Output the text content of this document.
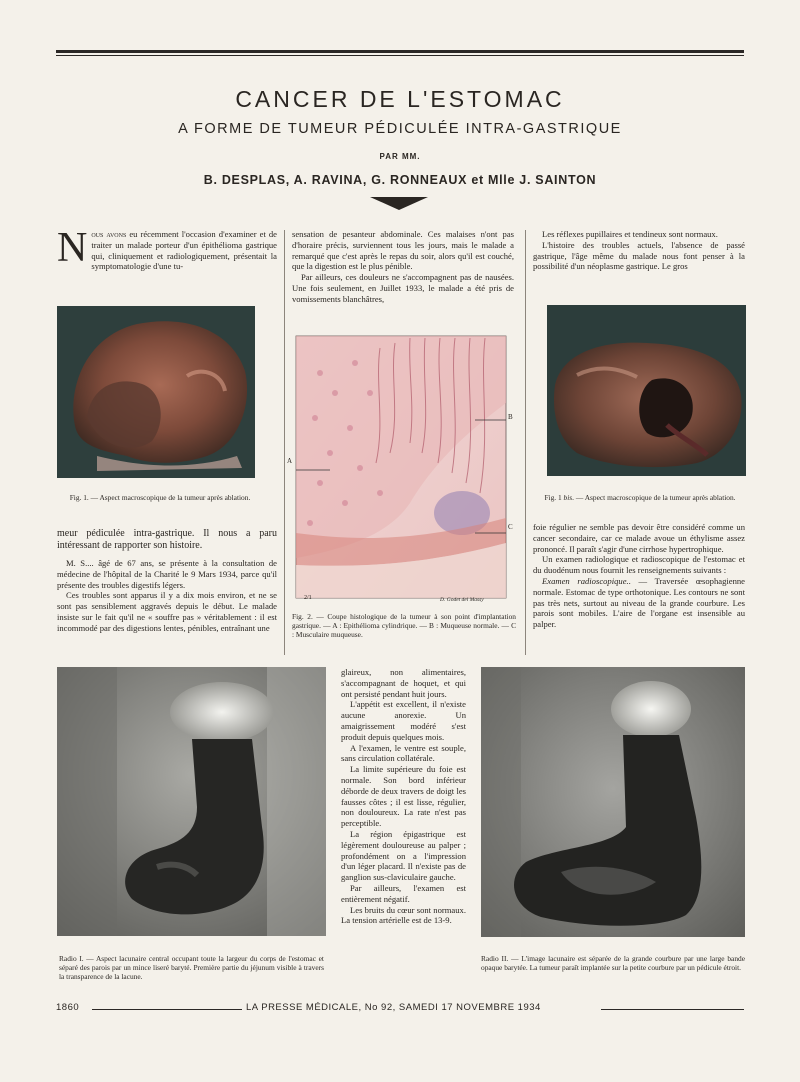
CANCER DE L'ESTOMAC
A FORME DE TUMEUR PÉDICULÉE INTRA-GASTRIQUE
PAR MM.
B. DESPLAS, A. RAVINA, G. RONNEAUX et Mlle J. SAINTON

Nous avons eu récemment l'occasion d'examiner et de traiter un malade porteur d'un épithélioma gastrique qui, cliniquement et radiologiquement, présentait la symptomatologie d'une tu-

Fig. 1. — Aspect macroscopique de la tumeur après ablation.

meur pédiculée intra-gastrique. Il nous a paru intéressant de rapporter son histoire.

M. S.... âgé de 67 ans, se présente à la consultation de médecine de l'hôpital de la Charité le 9 Mars 1934, parce qu'il présente des troubles digestifs légers.

Ces troubles sont apparus il y a dix mois environ, et ne se sont pas sensiblement aggravés depuis le début. Le malade insiste sur le fait qu'il ne « souffre pas » véritablement : il est incommodé par des digestions lentes, pénibles, entraînant une

sensation de pesanteur abdominale. Ces malaises n'ont pas d'horaire précis, surviennent tous les jours, mais le malade a remarqué que c'est après le repas du soir, alors qu'il est couché, que la digestion est le plus pénible.

Par ailleurs, ces douleurs ne s'accompagnent pas de nausées. Une fois seulement, en Juillet 1933, le malade a été pris de vomissements blanchâtres,

A
B
C
2/1	D. Godet del Massy
Fig. 2. — Coupe histologique de la tumeur à son point d'implantation gastrique. — A : Epithélioma cylindrique. — B : Muqueuse normale. — C : Musculaire muqueuse.

Les réflexes pupillaires et tendineux sont normaux.

L'histoire des troubles actuels, l'absence de passé gastrique, l'âge même du malade nous font penser à la possibilité d'un néoplasme gastrique. Le gros

Fig. 1 bis. — Aspect macroscopique de la tumeur après ablation.

foie régulier ne semble pas devoir être considéré comme un cancer secondaire, car ce malade avoue un éthylisme assez prononcé. Il paraît s'agir d'une cirrhose hypertrophique.

Un examen radiologique et radioscopique de l'estomac et du duodénum nous fournit les renseignements suivants :

Examen radioscopique.. — Traversée œsophagienne normale. Estomac de type orthotonique. Les contours ne sont pas très nets, surtout au niveau de la grande courbure. Les parois sont mobiles. L'aire de l'organe est insensible au palper.

Radio I. — Aspect lacunaire central occupant toute la largeur du corps de l'estomac et séparé des parois par un mince liseré baryté. Première partie du jéjunum visible à travers la transparence de la lacune.

glaireux, non alimentaires, s'accompagnant de hoquet, et qui ont persisté pendant huit jours.

L'appétit est excellent, il n'existe aucune anorexie. Un amaigrissement modéré s'est produit depuis quelques mois.

A l'examen, le ventre est souple, sans circulation collatérale.

La limite supérieure du foie est normale. Son bord inférieur déborde de deux travers de doigt les fausses côtes ; il est lisse, régulier, non douloureux. La rate n'est pas perceptible.

La région épigastrique est légèrement douloureuse au palper ; profondément on a l'impression d'un léger placard. Il n'existe pas de ganglion sus-claviculaire gauche.

Par ailleurs, l'examen est entièrement négatif.

Les bruits du cœur sont normaux. La tension artérielle est de 13-9.

Radio II. — L'image lacunaire est séparée de la grande courbure par une large bande opaque barytée. La tumeur paraît implantée sur la petite courbure par un pédicule étroit.
1860	LA PRESSE MÉDICALE, No 92, SAMEDI 17 NOVEMBRE 1934
